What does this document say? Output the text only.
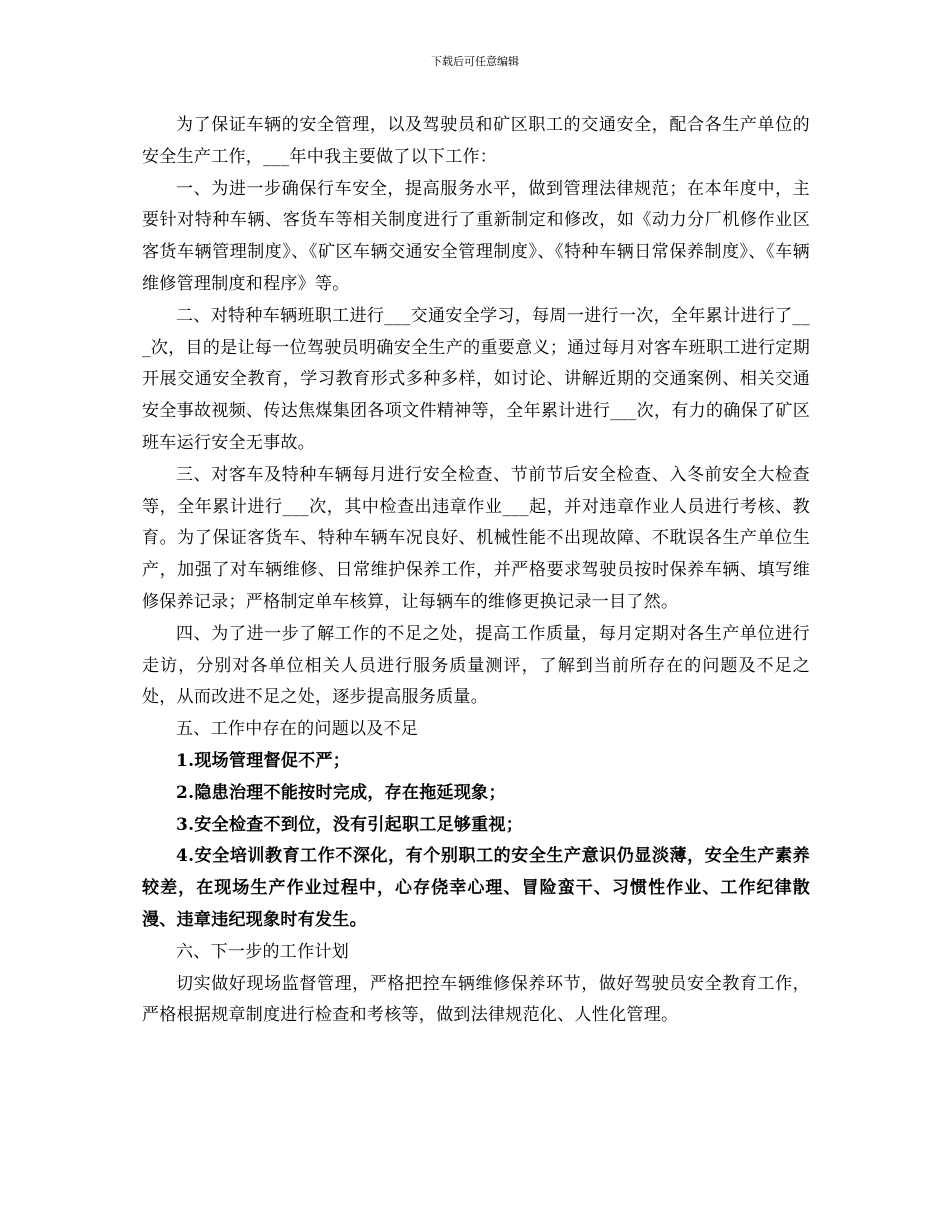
下载后可任意编辑

为了保证车辆的安全管理，以及驾驶员和矿区职工的交通安全，配合各生产单位的安全生产工作，___年中我主要做了以下工作：

一、为进一步确保行车安全，提高服务水平，做到管理法律规范；在本年度中，主要针对特种车辆、客货车等相关制度进行了重新制定和修改，如《动力分厂机修作业区客货车辆管理制度》、《矿区车辆交通安全管理制度》、《特种车辆日常保养制度》、《车辆维修管理制度和程序》等。

二、对特种车辆班职工进行___交通安全学习，每周一进行一次，全年累计进行了___次，目的是让每一位驾驶员明确安全生产的重要意义；通过每月对客车班职工进行定期开展交通安全教育，学习教育形式多种多样，如讨论、讲解近期的交通案例、相关交通安全事故视频、传达焦煤集团各项文件精神等，全年累计进行___次，有力的确保了矿区班车运行安全无事故。

三、对客车及特种车辆每月进行安全检查、节前节后安全检查、入冬前安全大检查等，全年累计进行___次，其中检查出违章作业___起，并对违章作业人员进行考核、教育。为了保证客货车、特种车辆车况良好、机械性能不出现故障、不耽误各生产单位生产，加强了对车辆维修、日常维护保养工作，并严格要求驾驶员按时保养车辆、填写维修保养记录；严格制定单车核算，让每辆车的维修更换记录一目了然。

四、为了进一步了解工作的不足之处，提高工作质量，每月定期对各生产单位进行走访，分别对各单位相关人员进行服务质量测评，了解到当前所存在的问题及不足之处，从而改进不足之处，逐步提高服务质量。

五、工作中存在的问题以及不足

1.现场管理督促不严；

2.隐患治理不能按时完成，存在拖延现象；

3.安全检查不到位，没有引起职工足够重视；

4.安全培训教育工作不深化，有个别职工的安全生产意识仍显淡薄，安全生产素养较差，在现场生产作业过程中，心存侥幸心理、冒险蛮干、习惯性作业、工作纪律散漫、违章违纪现象时有发生。

六、下一步的工作计划

切实做好现场监督管理，严格把控车辆维修保养环节，做好驾驶员安全教育工作，严格根据规章制度进行检查和考核等，做到法律规范化、人性化管理。
